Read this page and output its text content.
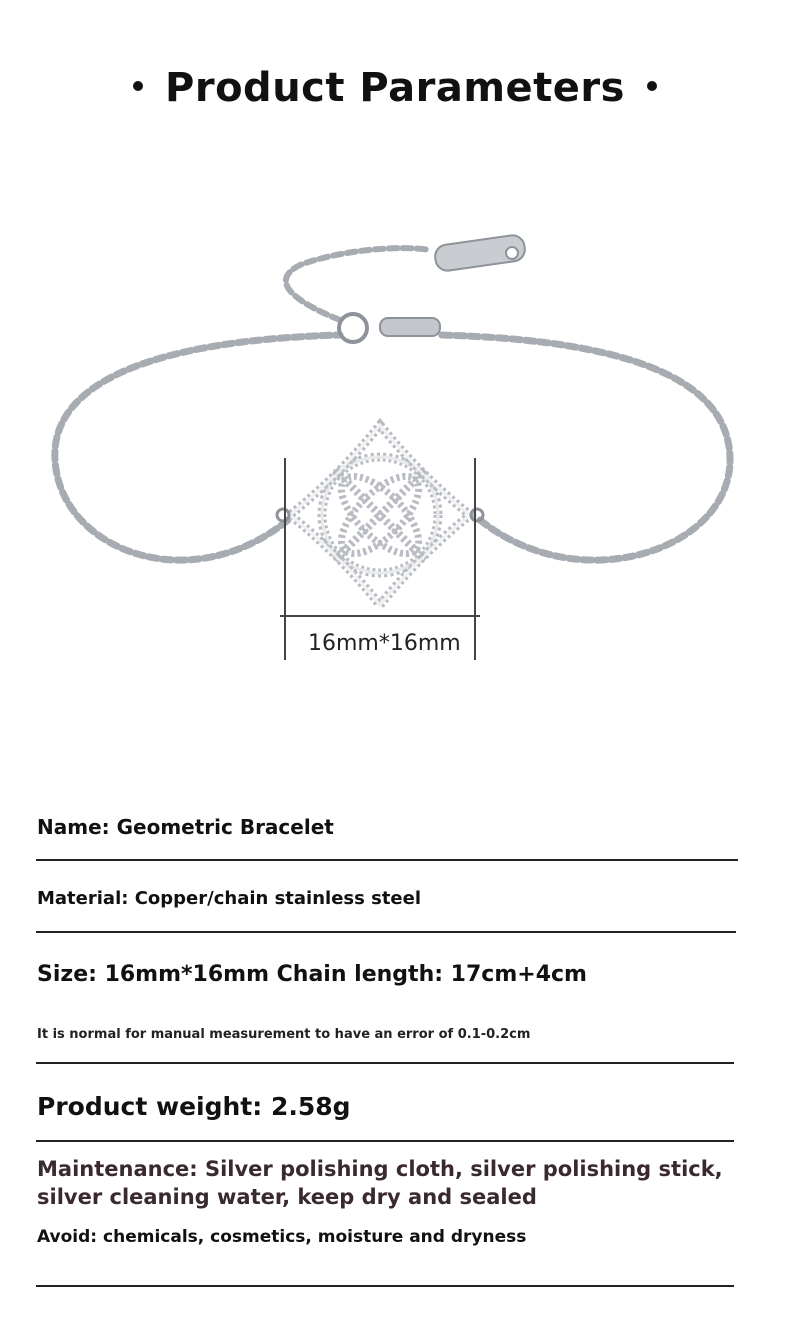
Product Parameters
16mm*16mm
Name: Geometric Bracelet
Material: Copper/chain stainless steel
Size: 16mm*16mm Chain length: 17cm+4cm
It is normal for manual measurement to have an error of 0.1-0.2cm
Product weight: 2.58g
Maintenance: Silver polishing cloth, silver polishing stick, silver cleaning water, keep dry and sealed
Avoid: chemicals, cosmetics, moisture and dryness
